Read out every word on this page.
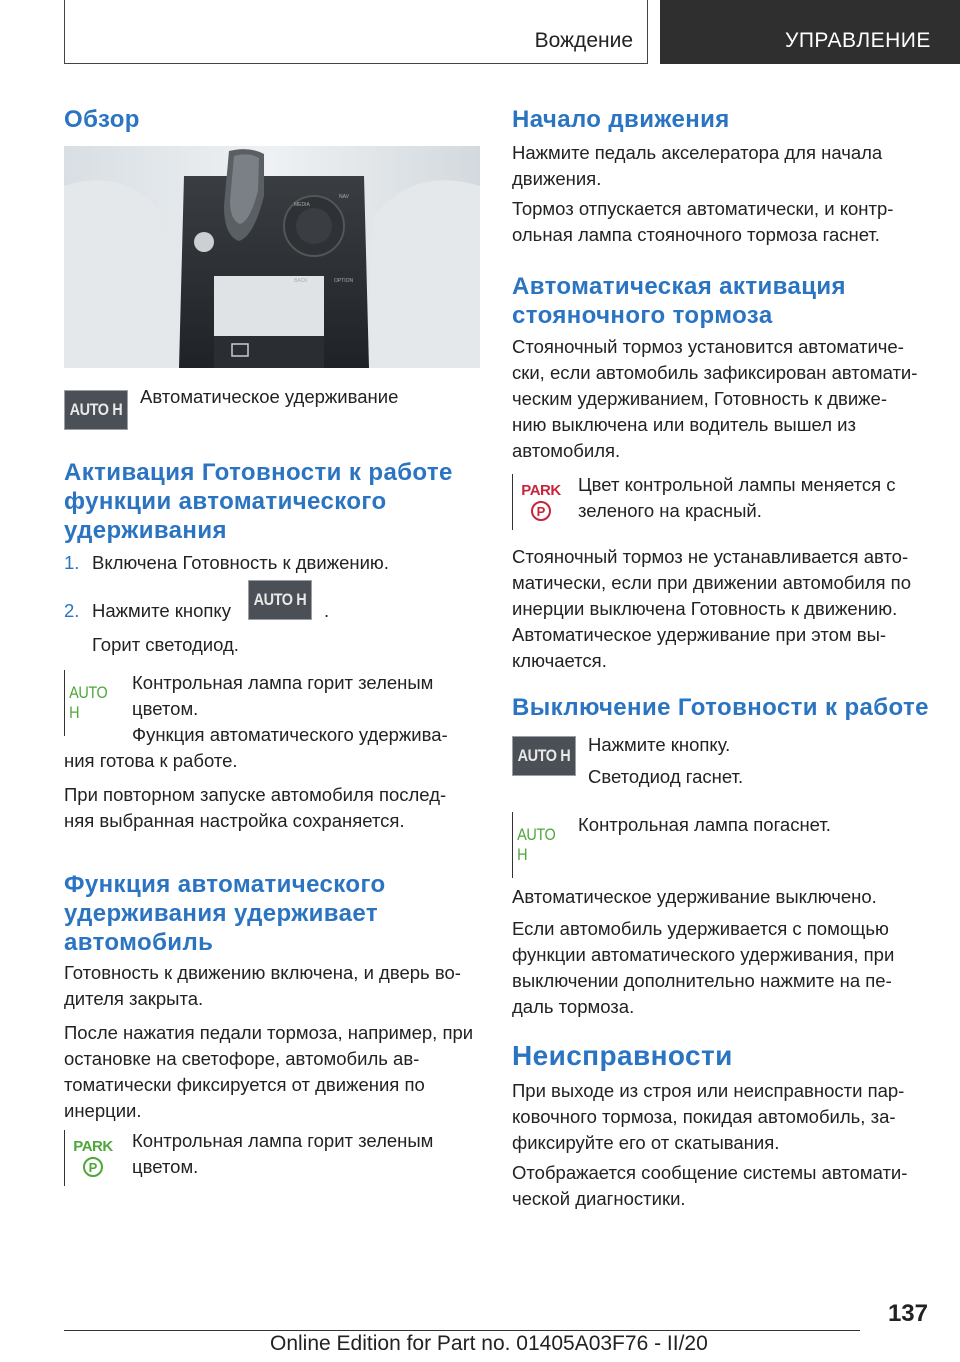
Вождение	УПРАВЛЕНИЕ
Обзор
MEDIA
NAV
BACK	OPTION
AUTO H

Автоматическое удерживание

Активация Готовности к работе функции автоматического удерживания

1. Включена Готовность к движению.

2. Нажмите кнопку

AUTO H

.

Горит светодиод.

AUTO H

Контрольная лампа горит зеленым цветом.

Функция автоматического удержива-

ния готова к работе.

При повторном запуске автомобиля послед- няя выбранная настройка сохраняется.

Функция автоматического удерживания удерживает автомобиль

Готовность к движению включена, и дверь во- дителя закрыта.

После нажатия педали тормоза, например, при остановке на светофоре, автомобиль ав- томатически фиксируется от движения по инерции.

PARK
P

Контрольная лампа горит зеленым цветом.

Начало движения

Нажмите педаль акселератора для начала движения.

Тормоз отпускается автоматически, и контр- ольная лампа стояночного тормоза гаснет.

Автоматическая активация стояночного тормоза

Стояночный тормоз установится автоматиче- ски, если автомобиль зафиксирован автомати- ческим удерживанием, Готовность к движе- нию выключена или водитель вышел из автомобиля.

PARK
P

Цвет контрольной лампы меняется с зеленого на красный.

Стояночный тормоз не устанавливается авто- матически, если при движении автомобиля по инерции выключена Готовность к движению. Автоматическое удерживание при этом вы- ключается.

Выключение Готовности к работе
AUTO H

Нажмите кнопку.

Светодиод гаснет.

AUTO H

Контрольная лампа погаснет.

Автоматическое удерживание выключено.

Если автомобиль удерживается с помощью функции автоматического удерживания, при выключении дополнительно нажмите на пе- даль тормоза.

Неисправности

При выходе из строя или неисправности пар- ковочного тормоза, покидая автомобиль, за- фиксируйте его от скатывания.

Отображается сообщение системы автомати- ческой диагностики.

137
Online Edition for Part no. 01405A03F76 - II/20
